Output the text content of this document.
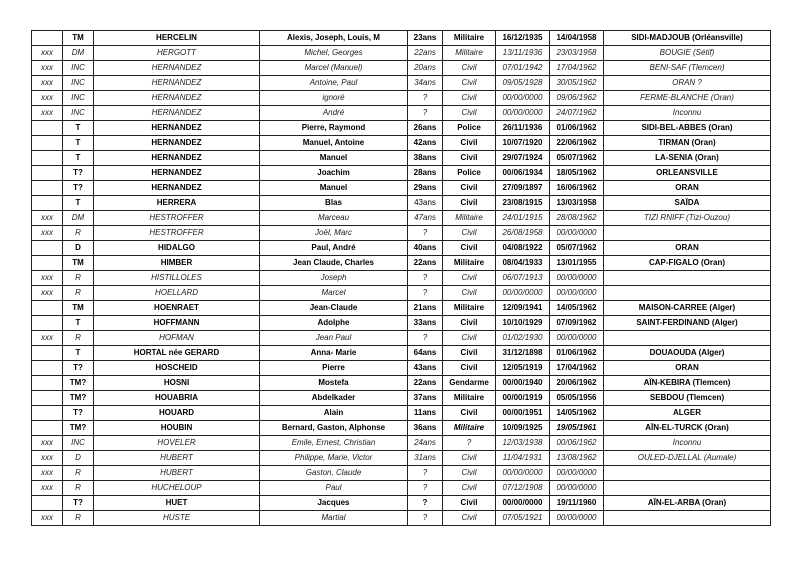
	TM	HERCELIN	Alexis, Joseph, Louis, M	23ans	Militaire	16/12/1935	14/04/1958	SIDI-MADJOUB (Orléansville)
xxx	DM	HERGOTT	Michel, Georges	22ans	Militaire	13/11/1936	23/03/1958	BOUGIE (Sétif)
xxx	INC	HERNANDEZ	Marcel (Manuel)	20ans	Civil	07/01/1942	17/04/1962	BENI-SAF (Tlemcen)
xxx	INC	HERNANDEZ	Antoine, Paul	34ans	Civil	09/05/1928	30/05/1962	ORAN ?
xxx	INC	HERNANDEZ	ignoré	?	Civil	00/00/0000	09/06/1962	FERME-BLANCHE (Oran)
xxx	INC	HERNANDEZ	André	?	Civil	00/00/0000	24/07/1962	Inconnu
	T	HERNANDEZ	Pierre, Raymond	26ans	Police	26/11/1936	01/06/1962	SIDI-BEL-ABBES (Oran)
	T	HERNANDEZ	Manuel, Antoine	42ans	Civil	10/07/1920	22/06/1962	TIRMAN (Oran)
	T	HERNANDEZ	Manuel	38ans	Civil	29/07/1924	05/07/1962	LA-SENIA (Oran)
	T?	HERNANDEZ	Joachim	28ans	Police	00/06/1934	18/05/1962	ORLEANSVILLE
	T?	HERNANDEZ	Manuel	29ans	Civil	27/09/1897	16/06/1962	ORAN
	T	HERRERA	Blas	43ans	Civil	23/08/1915	13/03/1958	SAÏDA
xxx	DM	HESTROFFER	Marceau	47ans	Militaire	24/01/1915	28/08/1962	TIZI RNIFF (Tizi-Ouzou)
xxx	R	HESTROFFER	Joël, Marc	?	Civil	26/08/1958	00/00/0000	
	D	HIDALGO	Paul, André	40ans	Civil	04/08/1922	05/07/1962	ORAN
	TM	HIMBER	Jean Claude, Charles	22ans	Militaire	08/04/1933	13/01/1955	CAP-FIGALO (Oran)
xxx	R	HISTILLOLES	Joseph	?	Civil	06/07/1913	00/00/0000	
xxx	R	HOELLARD	Marcel	?	Civil	00/00/0000	00/00/0000	
	TM	HOENRAET	Jean-Claude	21ans	Militaire	12/09/1941	14/05/1962	MAISON-CARREE (Alger)
	T	HOFFMANN	Adolphe	33ans	Civil	10/10/1929	07/09/1962	SAINT-FERDINAND (Alger)
xxx	R	HOFMAN	Jean Paul	?	Civil	01/02/1930	00/00/0000	
	T	HORTAL née GERARD	Anna- Marie	64ans	Civil	31/12/1898	01/06/1962	DOUAOUDA (Alger)
	T?	HOSCHEID	Pierre	43ans	Civil	12/05/1919	17/04/1962	ORAN
	TM?	HOSNI	Mostefa	22ans	Gendarme	00/00/1940	20/06/1962	AÏN-KEBIRA (Tlemcen)
	TM?	HOUABRIA	Abdelkader	37ans	Militaire	00/00/1919	05/05/1956	SEBDOU (Tlemcen)
	T?	HOUARD	Alain	11ans	Civil	00/00/1951	14/05/1962	ALGER
	TM?	HOUBIN	Bernard, Gaston, Alphonse	36ans	Militaire	10/09/1925	19/05/1961	AÏN-EL-TURCK (Oran)
xxx	INC	HOVELER	Emile, Ernest, Christian	24ans	?	12/03/1938	00/06/1962	Inconnu
xxx	D	HUBERT	Philippe, Marie, Victor	31ans	Civil	11/04/1931	13/08/1962	OULED-DJELLAL (Aumale)
xxx	R	HUBERT	Gaston, Claude	?	Civil	00/00/0000	00/00/0000	
xxx	R	HUCHELOUP	Paul	?	Civil	07/12/1908	00/00/0000	
	T?	HUET	Jacques	?	Civil	00/00/0000	19/11/1960	AÏN-EL-ARBA (Oran)
xxx	R	HUSTE	Martial	?	Civil	07/05/1921	00/00/0000	
